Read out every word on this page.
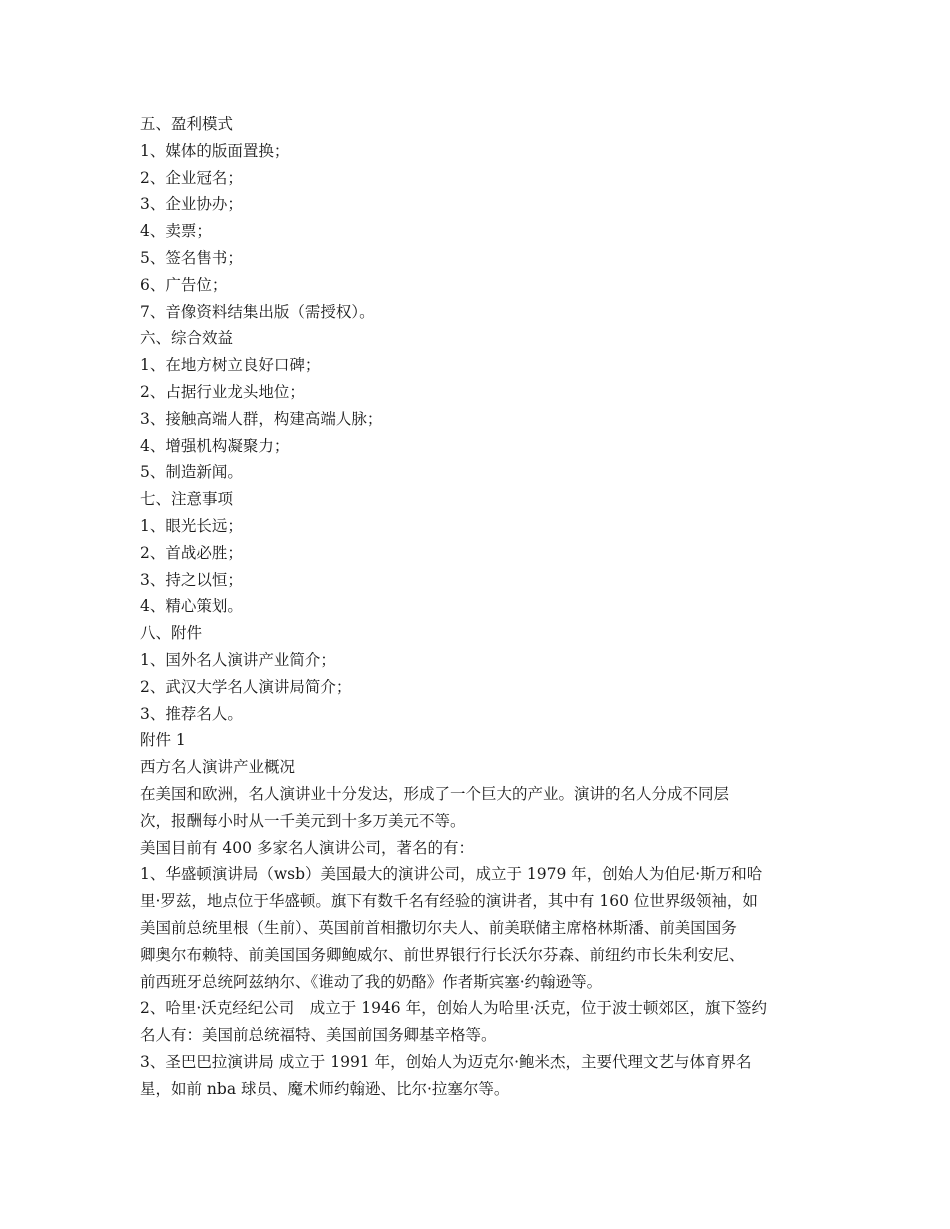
五、盈利模式

1、媒体的版面置换；

2、企业冠名；

3、企业协办；

4、卖票；

5、签名售书；

6、广告位；

7、音像资料结集出版（需授权）。

六、综合效益

1、在地方树立良好口碑；

2、占据行业龙头地位；

3、接触高端人群，构建高端人脉；

4、增强机构凝聚力；

5、制造新闻。

七、注意事项

1、眼光长远；

2、首战必胜；

3、持之以恒；

4、精心策划。

八、附件

1、国外名人演讲产业简介；

2、武汉大学名人演讲局简介；

3、推荐名人。

附件 1

西方名人演讲产业概况

在美国和欧洲，名人演讲业十分发达，形成了一个巨大的产业。演讲的名人分成不同层

次，报酬每小时从一千美元到十多万美元不等。

美国目前有 400 多家名人演讲公司，著名的有：

1、华盛顿演讲局（wsb）美国最大的演讲公司，成立于 1979 年，创始人为伯尼·斯万和哈

里·罗兹，地点位于华盛顿。旗下有数千名有经验的演讲者，其中有 160 位世界级领袖，如

美国前总统里根（生前）、英国前首相撒切尔夫人、前美联储主席格林斯潘、前美国国务

卿奥尔布赖特、前美国国务卿鲍威尔、前世界银行行长沃尔芬森、前纽约市长朱利安尼、

前西班牙总统阿兹纳尔、《谁动了我的奶酪》作者斯宾塞·约翰逊等。

2、哈里·沃克经纪公司　成立于 1946 年，创始人为哈里·沃克，位于波士顿郊区，旗下签约

名人有：美国前总统福特、美国前国务卿基辛格等。

3、圣巴巴拉演讲局 成立于 1991 年，创始人为迈克尔·鲍米杰，主要代理文艺与体育界名

星，如前 nba 球员、魔术师约翰逊、比尔·拉塞尔等。
